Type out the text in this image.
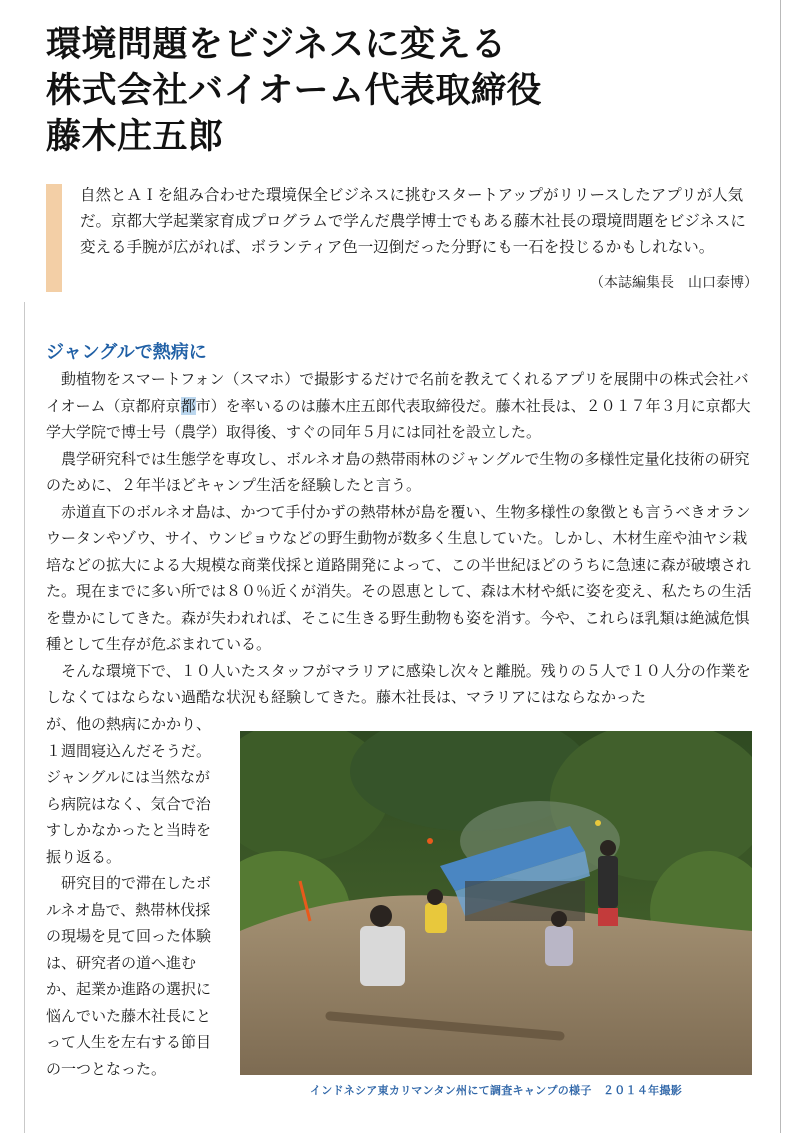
環境問題をビジネスに変える
株式会社バイオーム代表取締役
藤木庄五郎
自然とＡＩを組み合わせた環境保全ビジネスに挑むスタートアップがリリースしたアプリが人気だ。京都大学起業家育成プログラムで学んだ農学博士でもある藤木社長の環境問題をビジネスに変える手腕が広がれば、ボランティア色一辺倒だった分野にも一石を投じるかもしれない。
（本誌編集長　山口泰博）
ジャングルで熱病に

動植物をスマートフォン（スマホ）で撮影するだけで名前を教えてくれるアプリを展開中の株式会社バイオーム（京都府京都市）を率いるのは藤木庄五郎代表取締役だ。藤木社長は、２０１７年３月に京都大学大学院で博士号（農学）取得後、すぐの同年５月には同社を設立した。

農学研究科では生態学を専攻し、ボルネオ島の熱帯雨林のジャングルで生物の多様性定量化技術の研究のために、２年半ほどキャンプ生活を経験したと言う。

赤道直下のボルネオ島は、かつて手付かずの熱帯林が島を覆い、生物多様性の象徴とも言うべきオランウータンやゾウ、サイ、ウンピョウなどの野生動物が数多く生息していた。しかし、木材生産や油ヤシ栽培などの拡大による大規模な商業伐採と道路開発によって、この半世紀ほどのうちに急速に森が破壊された。現在までに多い所では８０％近くが消失。その恩恵として、森は木材や紙に姿を変え、私たちの生活を豊かにしてきた。森が失われれば、そこに生きる野生動物も姿を消す。今や、これらほ乳類は絶滅危惧種として生存が危ぶまれている。

そんな環境下で、１０人いたスタッフがマラリアに感染し次々と離脱。残りの５人で１０人分の作業をしなくてはならない過酷な状況も経験してきた。藤木社長は、マラリアにはならなかった

が、他の熱病にかかり、１週間寝込んだそうだ。ジャングルには当然ながら病院はなく、気合で治すしかなかったと当時を振り返る。

研究目的で滞在したボルネオ島で、熱帯林伐採の現場を見て回った体験は、研究者の道へ進むか、起業か進路の選択に悩んでいた藤木社長にとって人生を左右する節目の一つとなった。

インドネシア東カリマンタン州にて調査キャンプの様子　２０１４年撮影
